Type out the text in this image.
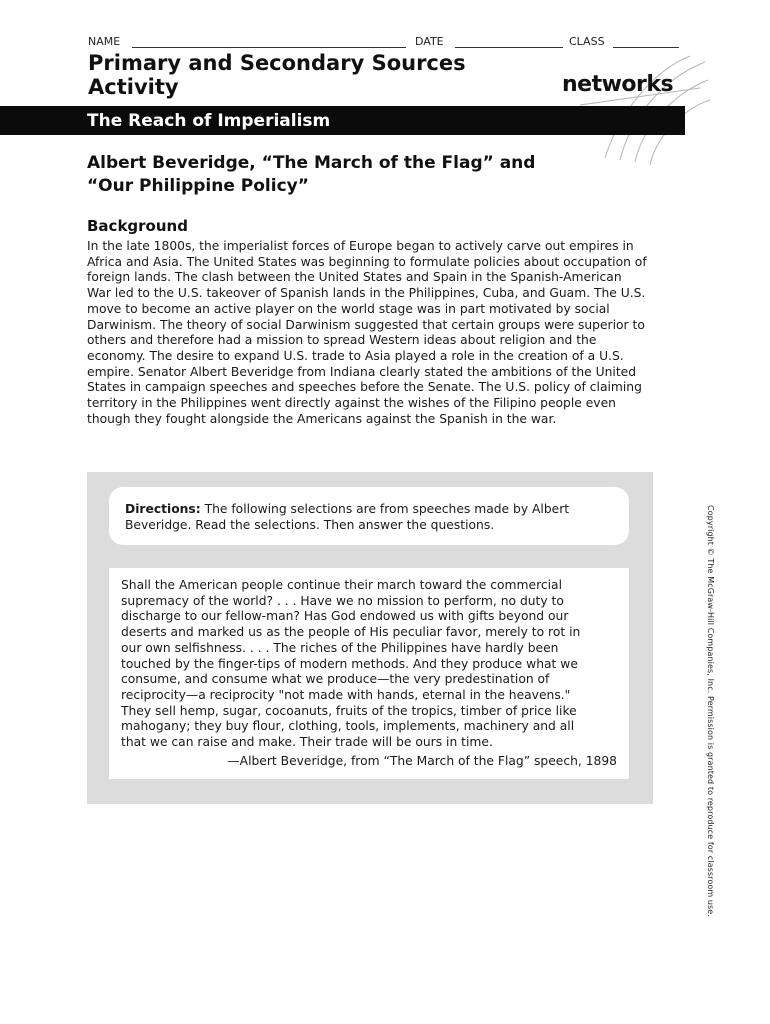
NAME	DATE	CLASS
Primary and Secondary Sources
Activity	networks
The Reach of Imperialism
Albert Beveridge, “The March of the Flag” and
“Our Philippine Policy”
Background
In the late 1800s, the imperialist forces of Europe began to actively carve out empires in Africa and Asia. The United States was beginning to formulate policies about occupation of foreign lands. The clash between the United States and Spain in the Spanish-American War led to the U.S. takeover of Spanish lands in the Philippines, Cuba, and Guam. The U.S. move to become an active player on the world stage was in part motivated by social Darwinism. The theory of social Darwinism suggested that certain groups were superior to others and therefore had a mission to spread Western ideas about religion and the economy. The desire to expand U.S. trade to Asia played a role in the creation of a U.S. empire. Senator Albert Beveridge from Indiana clearly stated the ambitions of the United States in campaign speeches and speeches before the Senate. The U.S. policy of claiming territory in the Philippines went directly against the wishes of the Filipino people even though they fought alongside the Americans against the Spanish in the war.
Directions: The following selections are from speeches made by Albert Beveridge. Read the selections. Then answer the questions.
Shall the American people continue their march toward the commercial supremacy of the world? . . . Have we no mission to perform, no duty to discharge to our fellow-man? Has God endowed us with gifts beyond our deserts and marked us as the people of His peculiar favor, merely to rot in our own selfishness. . . . The riches of the Philippines have hardly been touched by the finger-tips of modern methods. And they produce what we consume, and consume what we produce—the very predestination of reciprocity—a reciprocity "not made with hands, eternal in the heavens." They sell hemp, sugar, cocoanuts, fruits of the tropics, timber of price like mahogany; they buy flour, clothing, tools, implements, machinery and all that we can raise and make. Their trade will be ours in time.
—Albert Beveridge, from “The March of the Flag” speech, 1898	Copyright © The McGraw-Hill Companies, Inc. Permission is granted to reproduce for classroom use.
